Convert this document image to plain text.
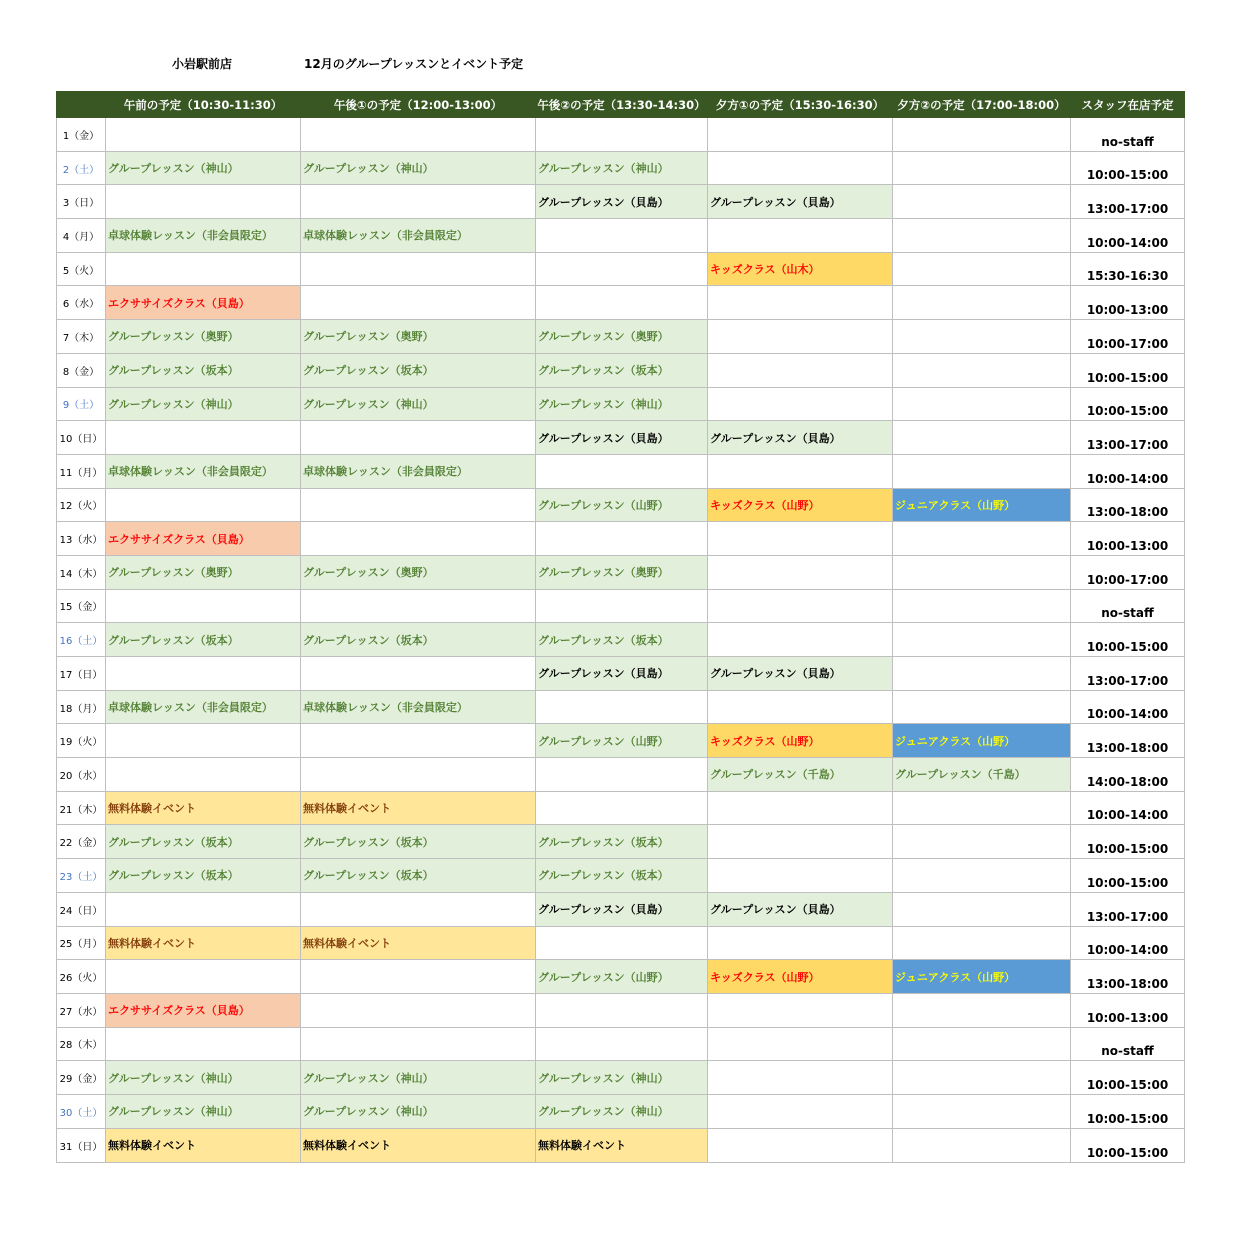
小岩駅前店	12月のグループレッスンとイベント予定
	午前の予定（10:30-11:30）	午後①の予定（12:00-13:00）	午後②の予定（13:30-14:30）	夕方①の予定（15:30-16:30）	夕方②の予定（17:00-18:00）	スタッフ在店予定
1（金）						no-staff
2（土）	グループレッスン（神山）	グループレッスン（神山）	グループレッスン（神山）			10:00-15:00
3（日）			グループレッスン（貝島）	グループレッスン（貝島）		13:00-17:00
4（月）	卓球体験レッスン（非会員限定）	卓球体験レッスン（非会員限定）				10:00-14:00
5（火）				キッズクラス（山木）		15:30-16:30
6（水）	エクササイズクラス（貝島）					10:00-13:00
7（木）	グループレッスン（奥野）	グループレッスン（奥野）	グループレッスン（奥野）			10:00-17:00
8（金）	グループレッスン（坂本）	グループレッスン（坂本）	グループレッスン（坂本）			10:00-15:00
9（土）	グループレッスン（神山）	グループレッスン（神山）	グループレッスン（神山）			10:00-15:00
10（日）			グループレッスン（貝島）	グループレッスン（貝島）		13:00-17:00
11（月）	卓球体験レッスン（非会員限定）	卓球体験レッスン（非会員限定）				10:00-14:00
12（火）			グループレッスン（山野）	キッズクラス（山野）	ジュニアクラス（山野）	13:00-18:00
13（水）	エクササイズクラス（貝島）					10:00-13:00
14（木）	グループレッスン（奥野）	グループレッスン（奥野）	グループレッスン（奥野）			10:00-17:00
15（金）						no-staff
16（土）	グループレッスン（坂本）	グループレッスン（坂本）	グループレッスン（坂本）			10:00-15:00
17（日）			グループレッスン（貝島）	グループレッスン（貝島）		13:00-17:00
18（月）	卓球体験レッスン（非会員限定）	卓球体験レッスン（非会員限定）				10:00-14:00
19（火）			グループレッスン（山野）	キッズクラス（山野）	ジュニアクラス（山野）	13:00-18:00
20（水）				グループレッスン（千島）	グループレッスン（千島）	14:00-18:00
21（木）	無料体験イベント	無料体験イベント				10:00-14:00
22（金）	グループレッスン（坂本）	グループレッスン（坂本）	グループレッスン（坂本）			10:00-15:00
23（土）	グループレッスン（坂本）	グループレッスン（坂本）	グループレッスン（坂本）			10:00-15:00
24（日）			グループレッスン（貝島）	グループレッスン（貝島）		13:00-17:00
25（月）	無料体験イベント	無料体験イベント				10:00-14:00
26（火）			グループレッスン（山野）	キッズクラス（山野）	ジュニアクラス（山野）	13:00-18:00
27（水）	エクササイズクラス（貝島）					10:00-13:00
28（木）						no-staff
29（金）	グループレッスン（神山）	グループレッスン（神山）	グループレッスン（神山）			10:00-15:00
30（土）	グループレッスン（神山）	グループレッスン（神山）	グループレッスン（神山）			10:00-15:00
31（日）	無料体験イベント	無料体験イベント	無料体験イベント			10:00-15:00
